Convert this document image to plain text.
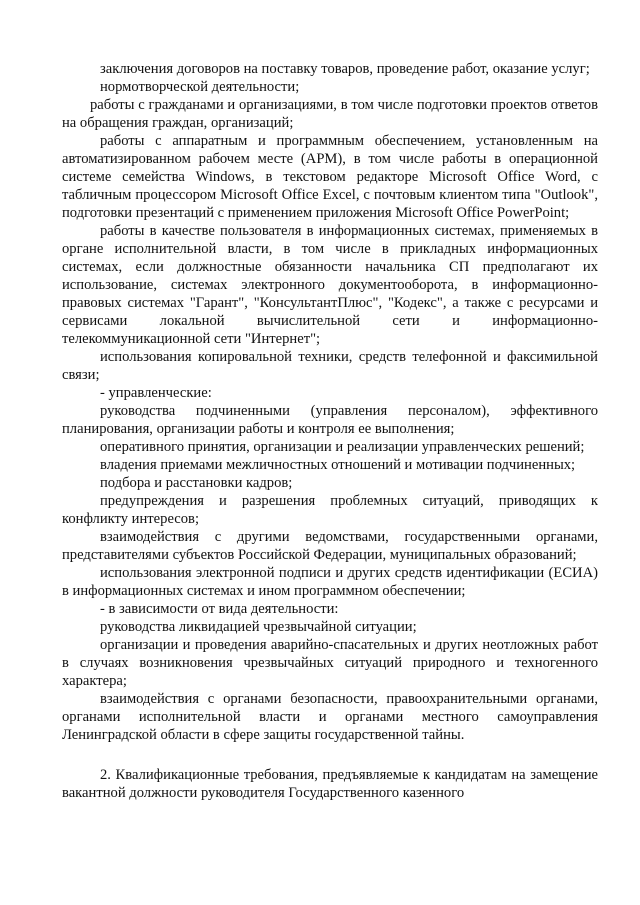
заключения договоров на поставку товаров, проведение работ, оказание услуг;

нормотворческой деятельности;

работы с гражданами и организациями, в том числе подготовки проектов ответов на обращения граждан, организаций;

работы с аппаратным и программным обеспечением, установленным на автоматизированном рабочем месте (АРМ), в том числе работы в операционной системе семейства Windows, в текстовом редакторе Microsoft Office Word, с табличным процессором Microsoft Office Excel, с почтовым клиентом типа "Outlook", подготовки презентаций с применением приложения Microsoft Office PowerPoint;

работы в качестве пользователя в информационных системах, применяемых в органе исполнительной власти, в том числе в прикладных информационных системах, если должностные обязанности начальника СП предполагают их использование, системах электронного документооборота, в информационно-правовых системах "Гарант", "КонсультантПлюс", "Кодекс", а также с ресурсами и сервисами локальной вычислительной сети и информационно-телекоммуникационной сети "Интернет";

использования копировальной техники, средств телефонной и факсимильной связи;

- управленческие:

руководства подчиненными (управления персоналом), эффективного планирования, организации работы и контроля ее выполнения;

оперативного принятия, организации и реализации управленческих решений;

владения приемами межличностных отношений и мотивации подчиненных;

подбора и расстановки кадров;

предупреждения и разрешения проблемных ситуаций, приводящих к конфликту интересов;

взаимодействия с другими ведомствами, государственными органами, представителями субъектов Российской Федерации, муниципальных образований;

использования электронной подписи и других средств идентификации (ЕСИА) в информационных системах и ином программном обеспечении;

- в зависимости от вида деятельности:

руководства ликвидацией чрезвычайной ситуации;

организации и проведения аварийно-спасательных и других неотложных работ в случаях возникновения чрезвычайных ситуаций природного и техногенного характера;

взаимодействия с органами безопасности, правоохранительными органами, органами исполнительной власти и органами местного самоуправления Ленинградской области в сфере защиты государственной тайны.

2. Квалификационные требования, предъявляемые к кандидатам на замещение вакантной должности руководителя Государственного казенного
